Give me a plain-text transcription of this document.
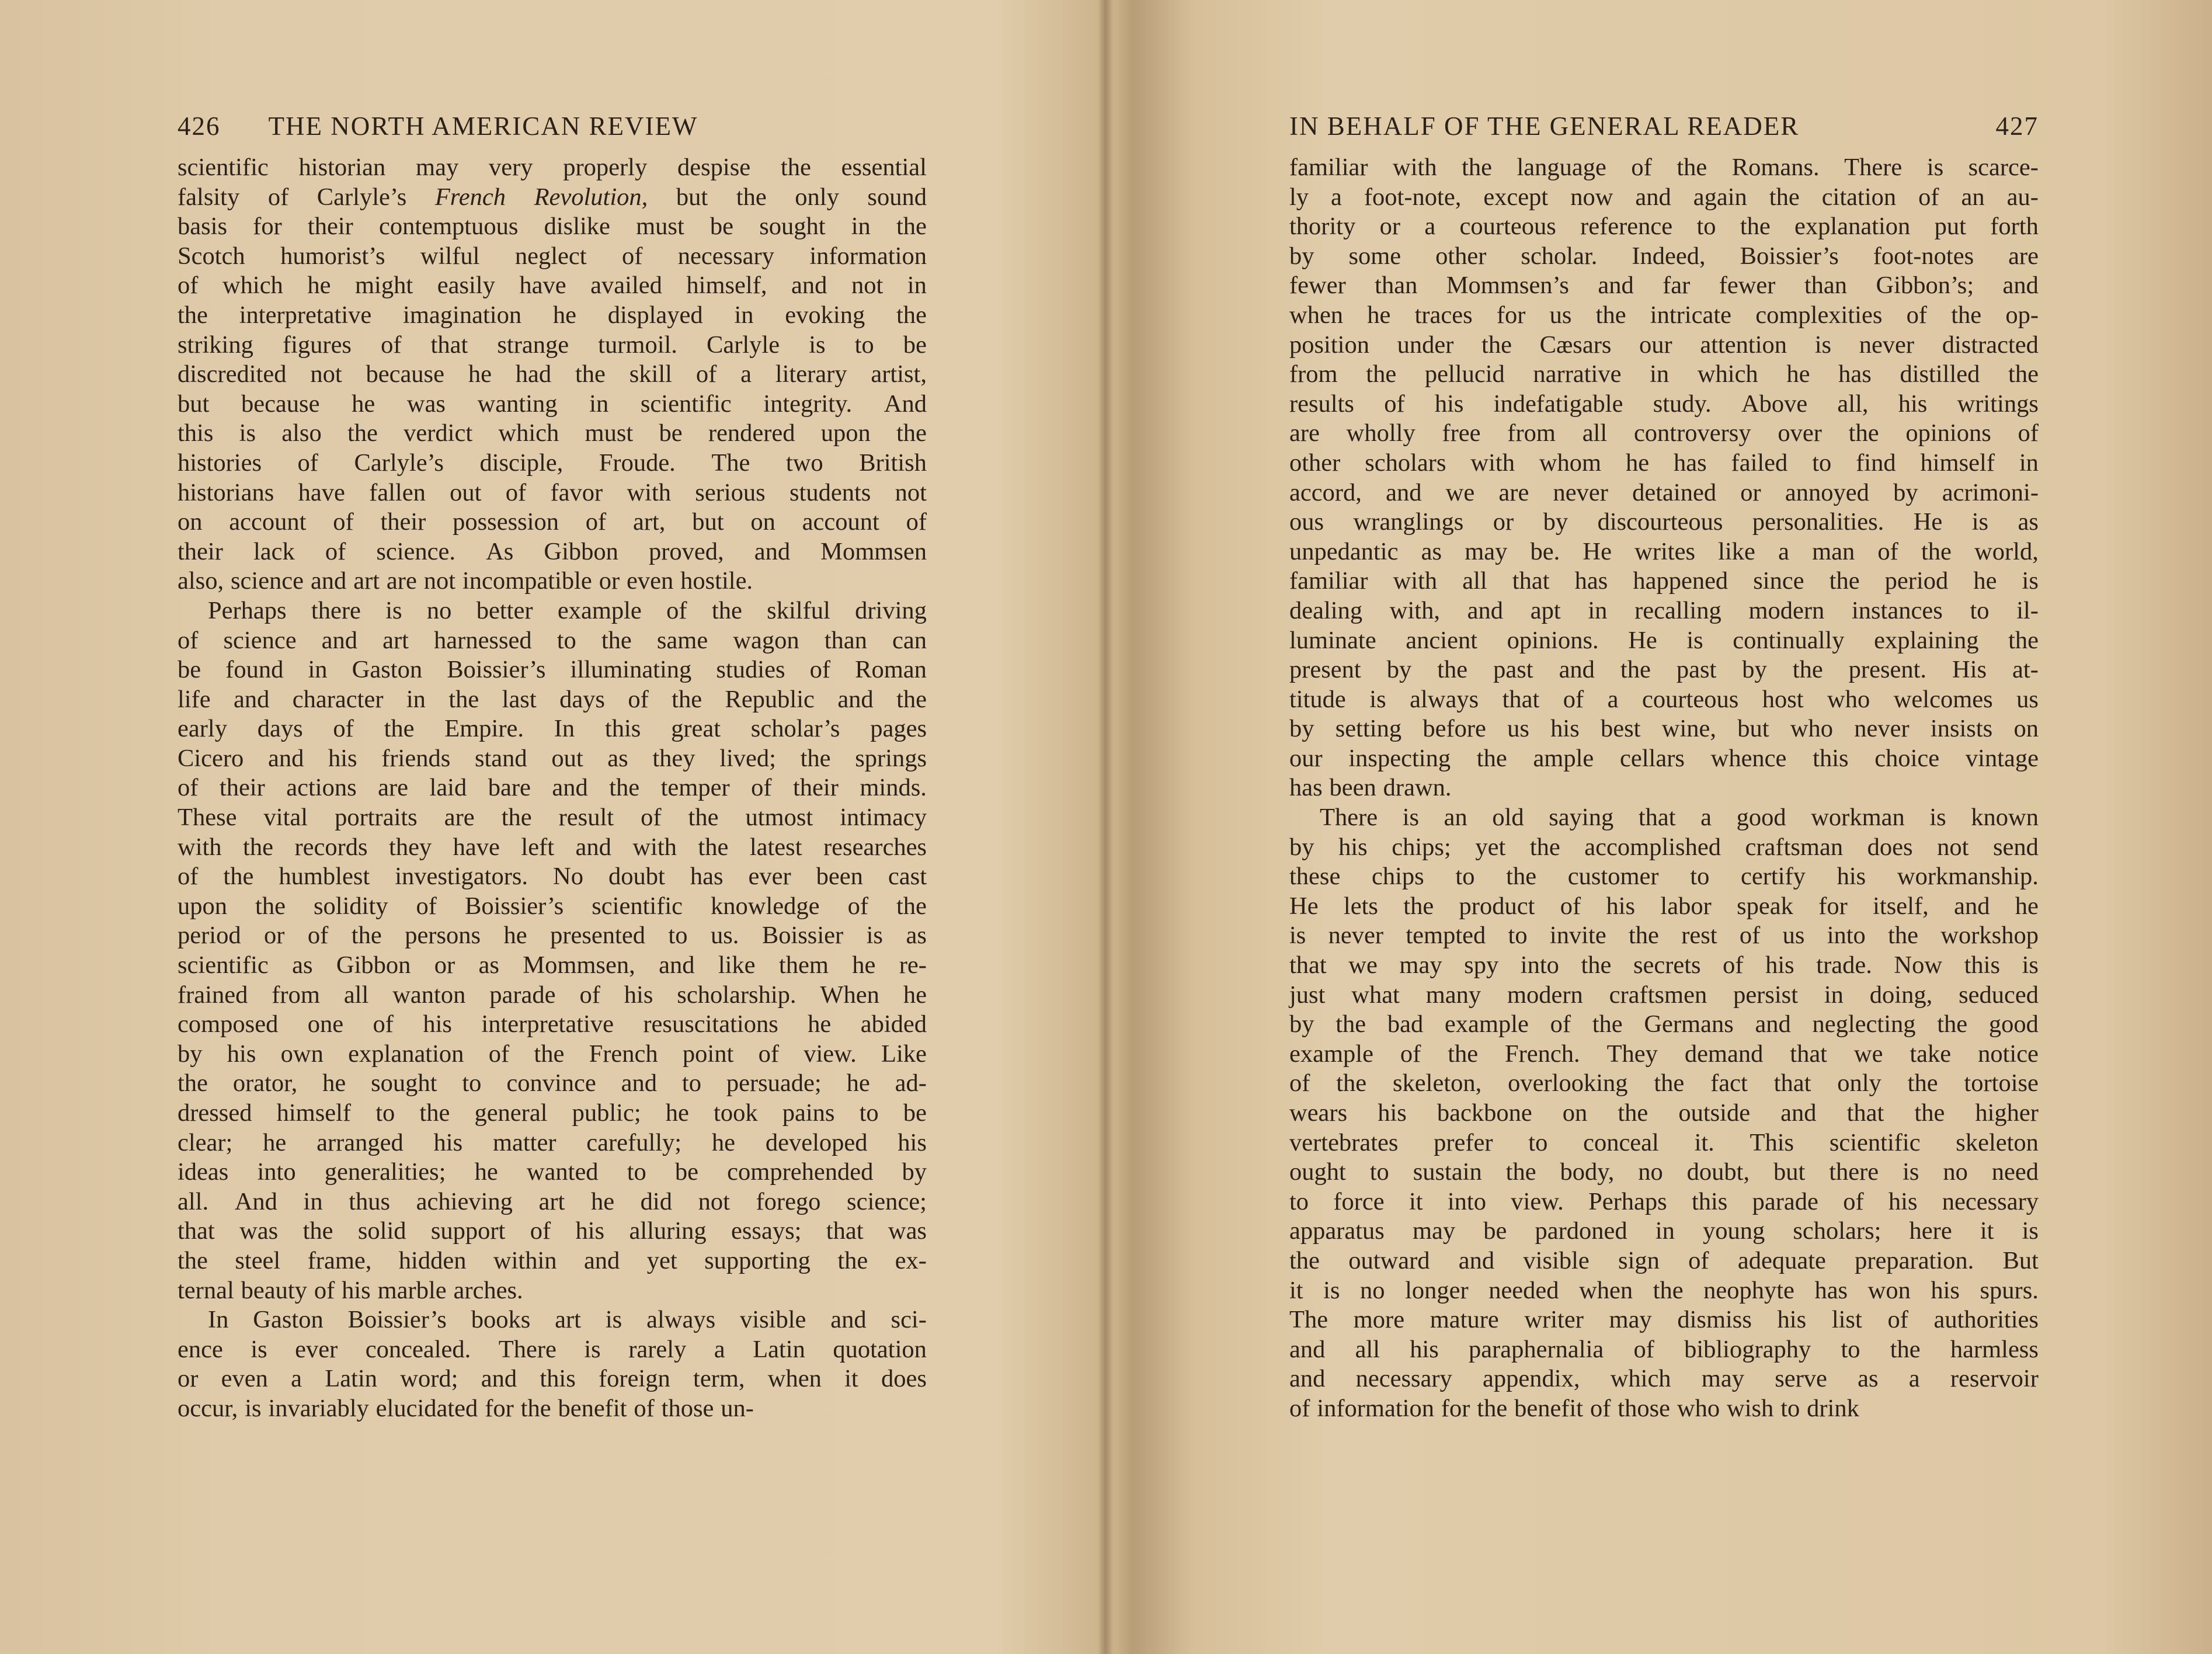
426 THE NORTH AMERICAN REVIEW
scientific historian may very properly despise the essential
falsity of Carlyle’s French Revolution, but the only sound
basis for their contemptuous dislike must be sought in the
Scotch humorist’s wilful neglect of necessary information
of which he might easily have availed himself, and not in
the interpretative imagination he displayed in evoking the
striking figures of that strange turmoil. Carlyle is to be
discredited not because he had the skill of a literary artist,
but because he was wanting in scientific integrity. And
this is also the verdict which must be rendered upon the
histories of Carlyle’s disciple, Froude. The two British
historians have fallen out of favor with serious students not
on account of their possession of art, but on account of
their lack of science. As Gibbon proved, and Mommsen
also, science and art are not incompatible or even hostile.
Perhaps there is no better example of the skilful driving
of science and art harnessed to the same wagon than can
be found in Gaston Boissier’s illuminating studies of Roman
life and character in the last days of the Republic and the
early days of the Empire. In this great scholar’s pages
Cicero and his friends stand out as they lived; the springs
of their actions are laid bare and the temper of their minds.
These vital portraits are the result of the utmost intimacy
with the records they have left and with the latest researches
of the humblest investigators. No doubt has ever been cast
upon the solidity of Boissier’s scientific knowledge of the
period or of the persons he presented to us. Boissier is as
scientific as Gibbon or as Mommsen, and like them he re-
frained from all wanton parade of his scholarship. When he
composed one of his interpretative resuscitations he abided
by his own explanation of the French point of view. Like
the orator, he sought to convince and to persuade; he ad-
dressed himself to the general public; he took pains to be
clear; he arranged his matter carefully; he developed his
ideas into generalities; he wanted to be comprehended by
all. And in thus achieving art he did not forego science;
that was the solid support of his alluring essays; that was
the steel frame, hidden within and yet supporting the ex-
ternal beauty of his marble arches.
In Gaston Boissier’s books art is always visible and sci-
ence is ever concealed. There is rarely a Latin quotation
or even a Latin word; and this foreign term, when it does
occur, is invariably elucidated for the benefit of those un-
IN BEHALF OF THE GENERAL READER	427
familiar with the language of the Romans. There is scarce-
ly a foot-note, except now and again the citation of an au-
thority or a courteous reference to the explanation put forth
by some other scholar. Indeed, Boissier’s foot-notes are
fewer than Mommsen’s and far fewer than Gibbon’s; and
when he traces for us the intricate complexities of the op-
position under the Cæsars our attention is never distracted
from the pellucid narrative in which he has distilled the
results of his indefatigable study. Above all, his writings
are wholly free from all controversy over the opinions of
other scholars with whom he has failed to find himself in
accord, and we are never detained or annoyed by acrimoni-
ous wranglings or by discourteous personalities. He is as
unpedantic as may be. He writes like a man of the world,
familiar with all that has happened since the period he is
dealing with, and apt in recalling modern instances to il-
luminate ancient opinions. He is continually explaining the
present by the past and the past by the present. His at-
titude is always that of a courteous host who welcomes us
by setting before us his best wine, but who never insists on
our inspecting the ample cellars whence this choice vintage
has been drawn.
There is an old saying that a good workman is known
by his chips; yet the accomplished craftsman does not send
these chips to the customer to certify his workmanship.
He lets the product of his labor speak for itself, and he
is never tempted to invite the rest of us into the workshop
that we may spy into the secrets of his trade. Now this is
just what many modern craftsmen persist in doing, seduced
by the bad example of the Germans and neglecting the good
example of the French. They demand that we take notice
of the skeleton, overlooking the fact that only the tortoise
wears his backbone on the outside and that the higher
vertebrates prefer to conceal it. This scientific skeleton
ought to sustain the body, no doubt, but there is no need
to force it into view. Perhaps this parade of his necessary
apparatus may be pardoned in young scholars; here it is
the outward and visible sign of adequate preparation. But
it is no longer needed when the neophyte has won his spurs.
The more mature writer may dismiss his list of authorities
and all his paraphernalia of bibliography to the harmless
and necessary appendix, which may serve as a reservoir
of information for the benefit of those who wish to drink
